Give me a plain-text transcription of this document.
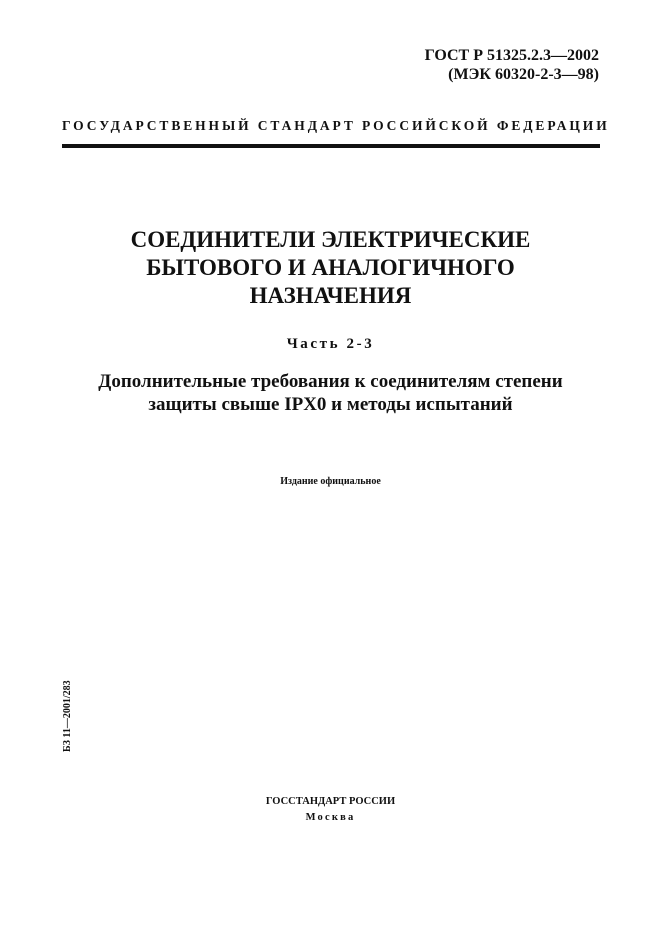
ГОСТ Р 51325.2.3—2002
(МЭК 60320-2-3—98)
ГОСУДАРСТВЕННЫЙ СТАНДАРТ РОССИЙСКОЙ ФЕДЕРАЦИИ
СОЕДИНИТЕЛИ ЭЛЕКТРИЧЕСКИЕ
БЫТОВОГО И АНАЛОГИЧНОГО
НАЗНАЧЕНИЯ
Часть 2-3
Дополнительные требования к соединителям степени
защиты свыше IPX0 и методы испытаний
Издание официальное
БЗ 11—2001/283
ГОССТАНДАРТ РОССИИ
Москва
